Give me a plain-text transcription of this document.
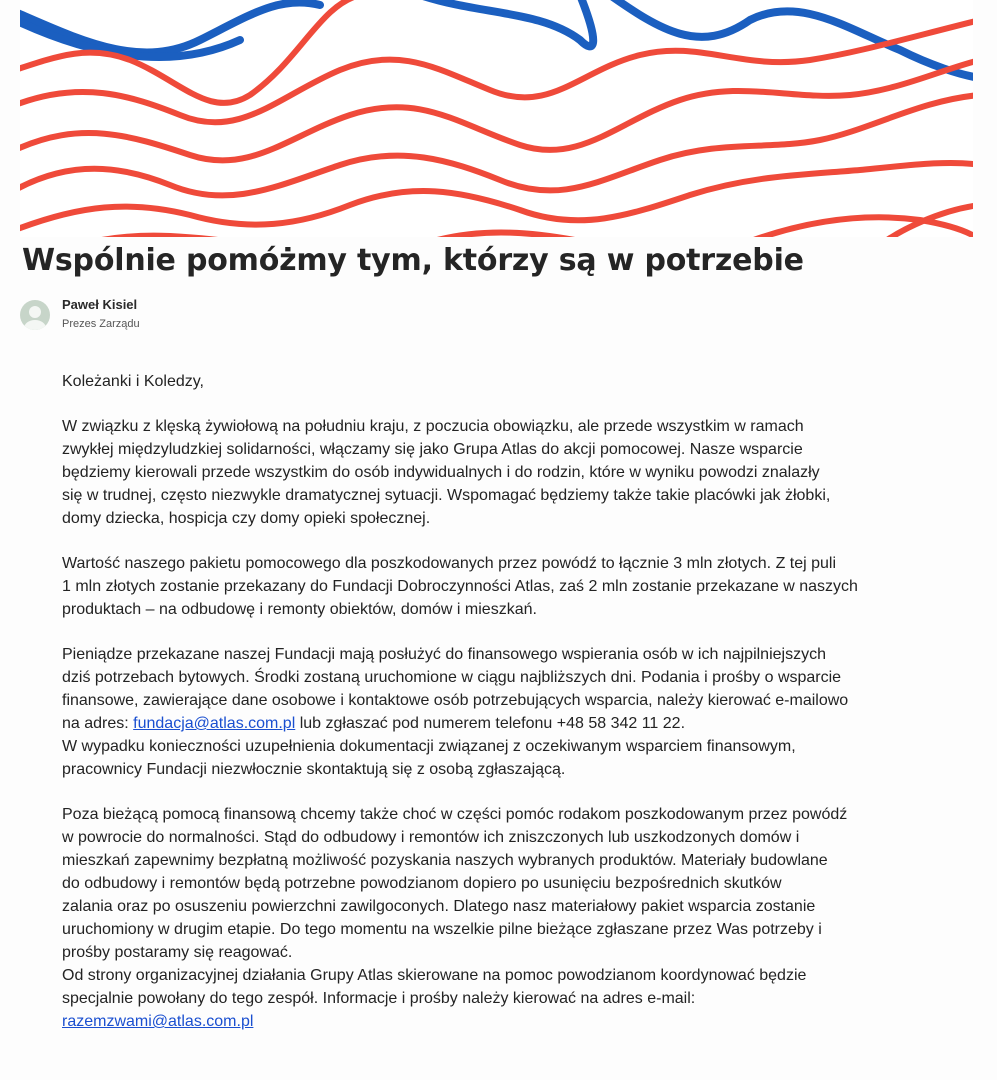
Wspólnie pomóżmy tym, którzy są w potrzebie
Paweł Kisiel
Prezes Zarządu

Koleżanki i Koledzy,

W związku z klęską żywiołową na południu kraju, z poczucia obowiązku, ale przede wszystkim w ramach
zwykłej międzyludzkiej solidarności, włączamy się jako Grupa Atlas do akcji pomocowej. Nasze wsparcie
będziemy kierowali przede wszystkim do osób indywidualnych i do rodzin, które w wyniku powodzi znalazły
się w trudnej, często niezwykle dramatycznej sytuacji. Wspomagać będziemy także takie placówki jak żłobki,
domy dziecka, hospicja czy domy opieki społecznej.

Wartość naszego pakietu pomocowego dla poszkodowanych przez powódź to łącznie 3 mln złotych. Z tej puli
1 mln złotych zostanie przekazany do Fundacji Dobroczynności Atlas, zaś 2 mln zostanie przekazane w naszych
produktach – na odbudowę i remonty obiektów, domów i mieszkań.

Pieniądze przekazane naszej Fundacji mają posłużyć do finansowego wspierania osób w ich najpilniejszych
dziś potrzebach bytowych. Środki zostaną uruchomione w ciągu najbliższych dni. Podania i prośby o wsparcie
finansowe, zawierające dane osobowe i kontaktowe osób potrzebujących wsparcia, należy kierować e-mailowo
na adres: fundacja@atlas.com.pl lub zgłaszać pod numerem telefonu +48 58 342 11 22.
W wypadku konieczności uzupełnienia dokumentacji związanej z oczekiwanym wsparciem finansowym,
pracownicy Fundacji niezwłocznie skontaktują się z osobą zgłaszającą.

Poza bieżącą pomocą finansową chcemy także choć w części pomóc rodakom poszkodowanym przez powódź
w powrocie do normalności. Stąd do odbudowy i remontów ich zniszczonych lub uszkodzonych domów i
mieszkań zapewnimy bezpłatną możliwość pozyskania naszych wybranych produktów. Materiały budowlane
do odbudowy i remontów będą potrzebne powodzianom dopiero po usunięciu bezpośrednich skutków
zalania oraz po osuszeniu powierzchni zawilgoconych. Dlatego nasz materiałowy pakiet wsparcia zostanie
uruchomiony w drugim etapie. Do tego momentu na wszelkie pilne bieżące zgłaszane przez Was potrzeby i
prośby postaramy się reagować.
Od strony organizacyjnej działania Grupy Atlas skierowane na pomoc powodzianom koordynować będzie
specjalnie powołany do tego zespół. Informacje i prośby należy kierować na adres e-mail:
razemzwami@atlas.com.pl
